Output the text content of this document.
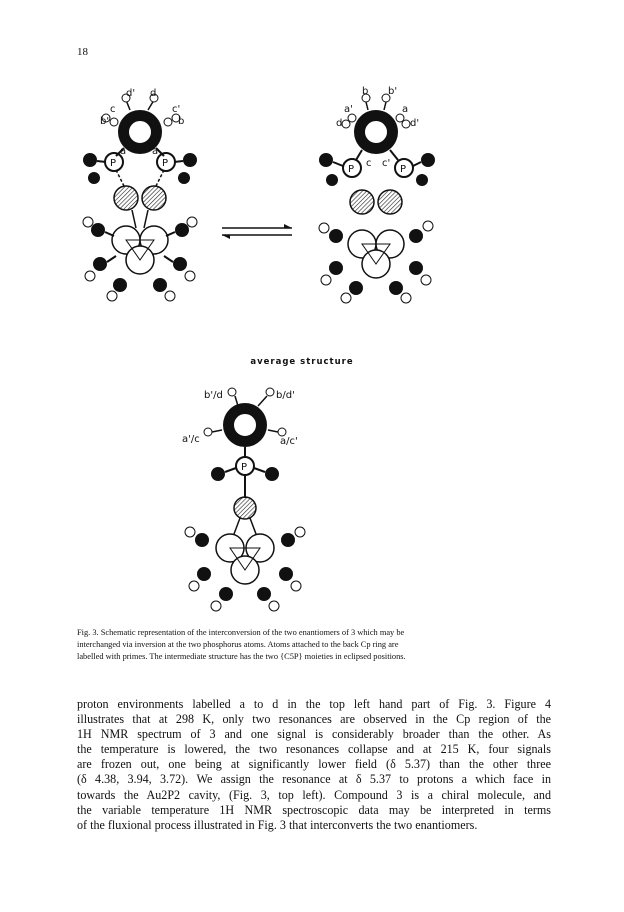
18
d' d
c
b'
c'
b
a' a
P	P
b b'
a'
d
a
d'
c c'
P	P
b'/d	b/d'
a'/c	a/c'
P
average structure
Fig. 3. Schematic representation of the interconversion of the two enantiomers of 3 which may be
interchanged via inversion at the two phosphorus atoms. Atoms attached to the back Cp ring are
labelled with primes. The intermediate structure has the two {C5P} moieties in eclipsed positions.

proton environments labelled a to d in the top left hand part of Fig. 3. Figure 4

illustrates that at 298 K, only two resonances are observed in the Cp region of the

1H NMR spectrum of 3 and one signal is considerably broader than the other. As

the temperature is lowered, the two resonances collapse and at 215 K, four signals

are frozen out, one being at significantly lower field (δ 5.37) than the other three

(δ 4.38, 3.94, 3.72). We assign the resonance at δ 5.37 to protons a which face in

towards the Au2P2 cavity, (Fig. 3, top left). Compound 3 is a chiral molecule, and

the variable temperature 1H NMR spectroscopic data may be interpreted in terms

of the fluxional process illustrated in Fig. 3 that interconverts the two enantiomers.
